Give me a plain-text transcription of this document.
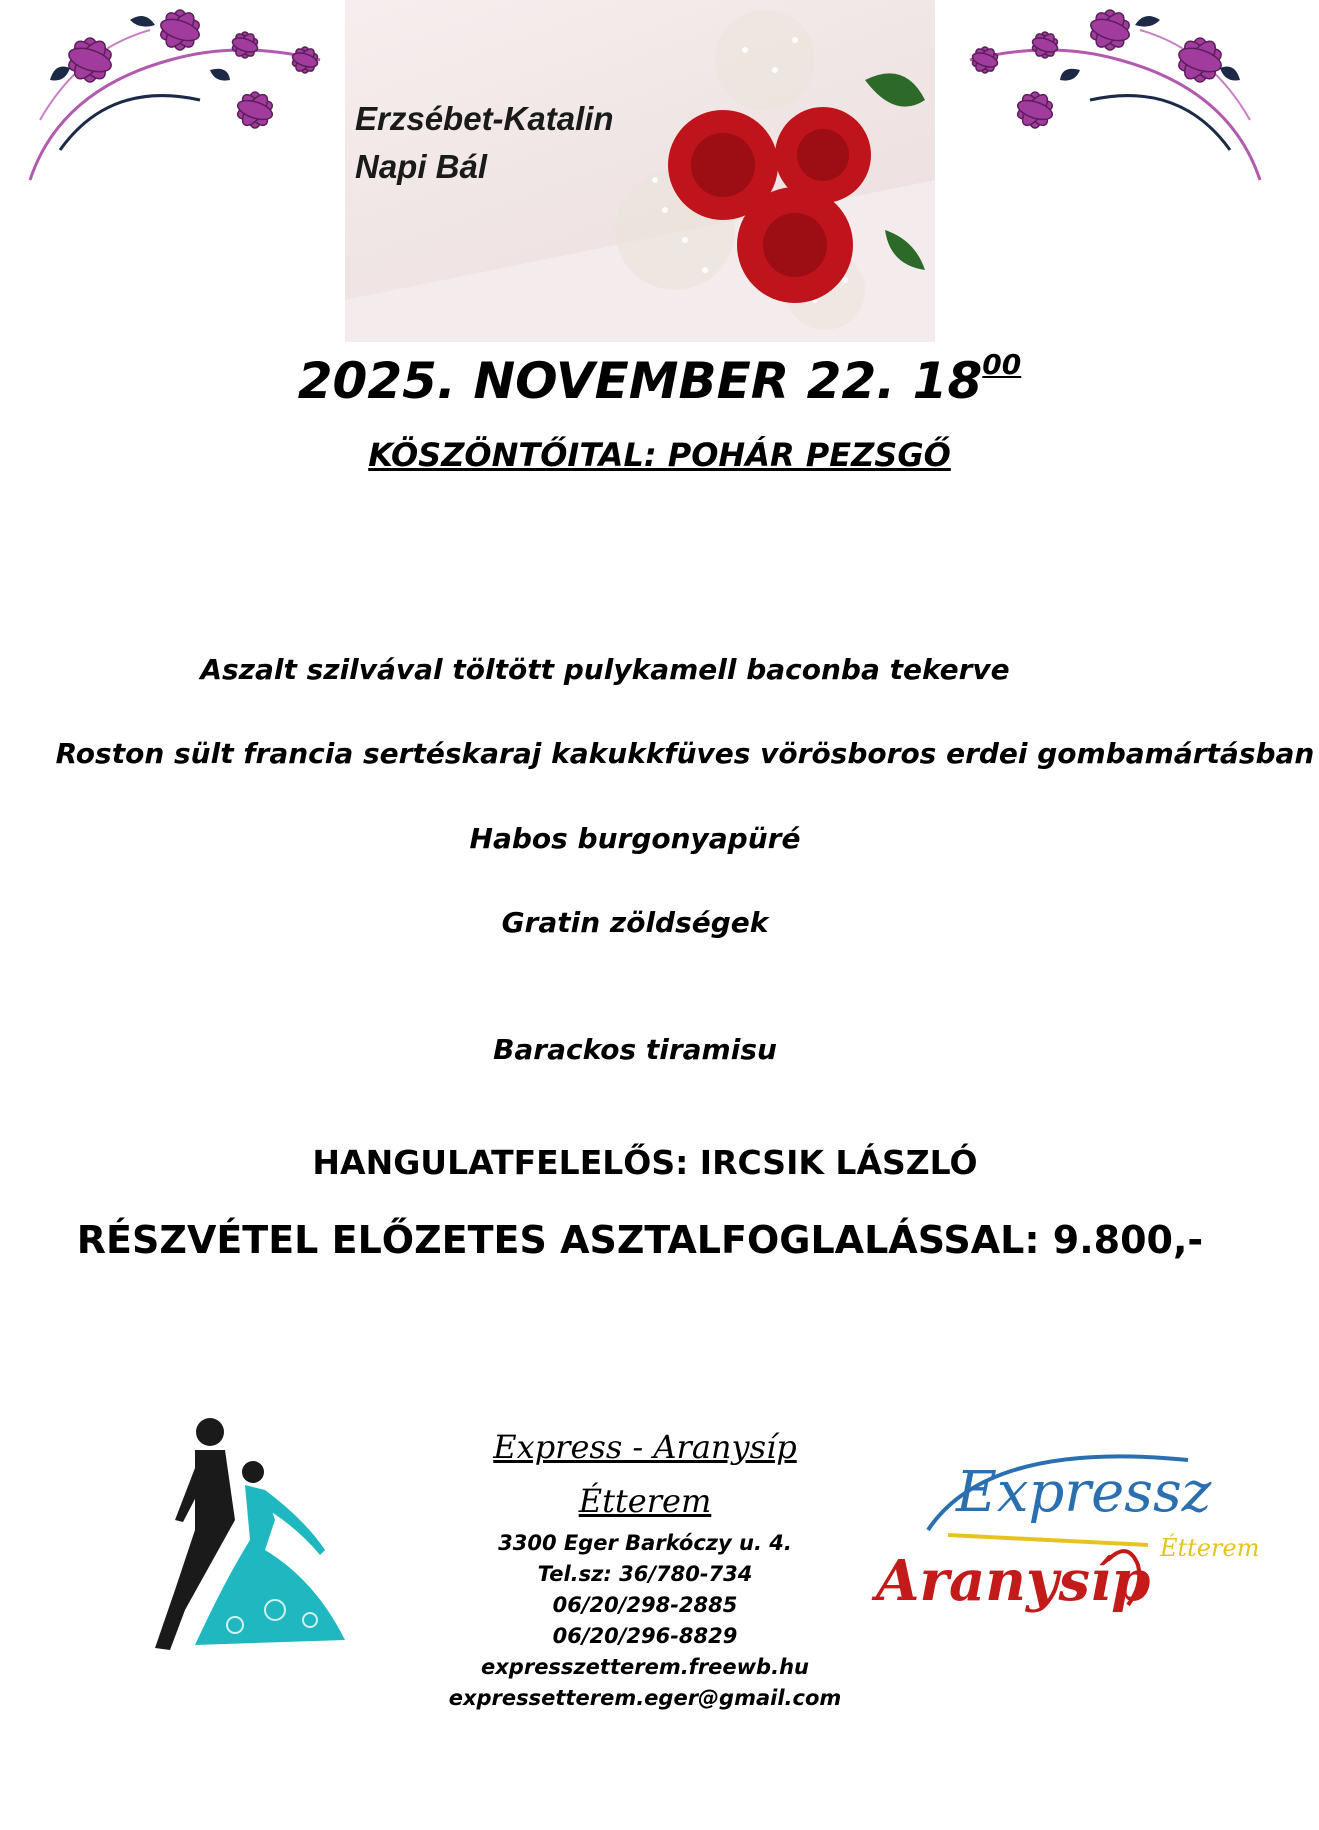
Erzsébet-Katalin
Napi Bál
2025. NOVEMBER 22. $18^{00}$
KÖSZÖNTŐITAL: POHÁR PEZSGŐ
Aszalt szilvával töltött pulykamell baconba tekerve
Roston sült francia sertéskaraj kakukkfüves vörösboros erdei gombamártásban
Habos burgonyapüré
Gratin zöldségek
Barackos tiramisu
HANGULATFELELŐS: IRCSIK LÁSZLÓ
RÉSZVÉTEL ELŐZETES ASZTALFOGLALÁSSAL: 9.800,-
Express - Aranysíp
Étterem
3300 Eger Barkóczy u. 4.
Tel.sz: 36/780-734
06/20/298-2885
06/20/296-8829
expresszetterem.freewb.hu
expressetterem.eger@gmail.com
Expressz
Étterem
Aranysíp
